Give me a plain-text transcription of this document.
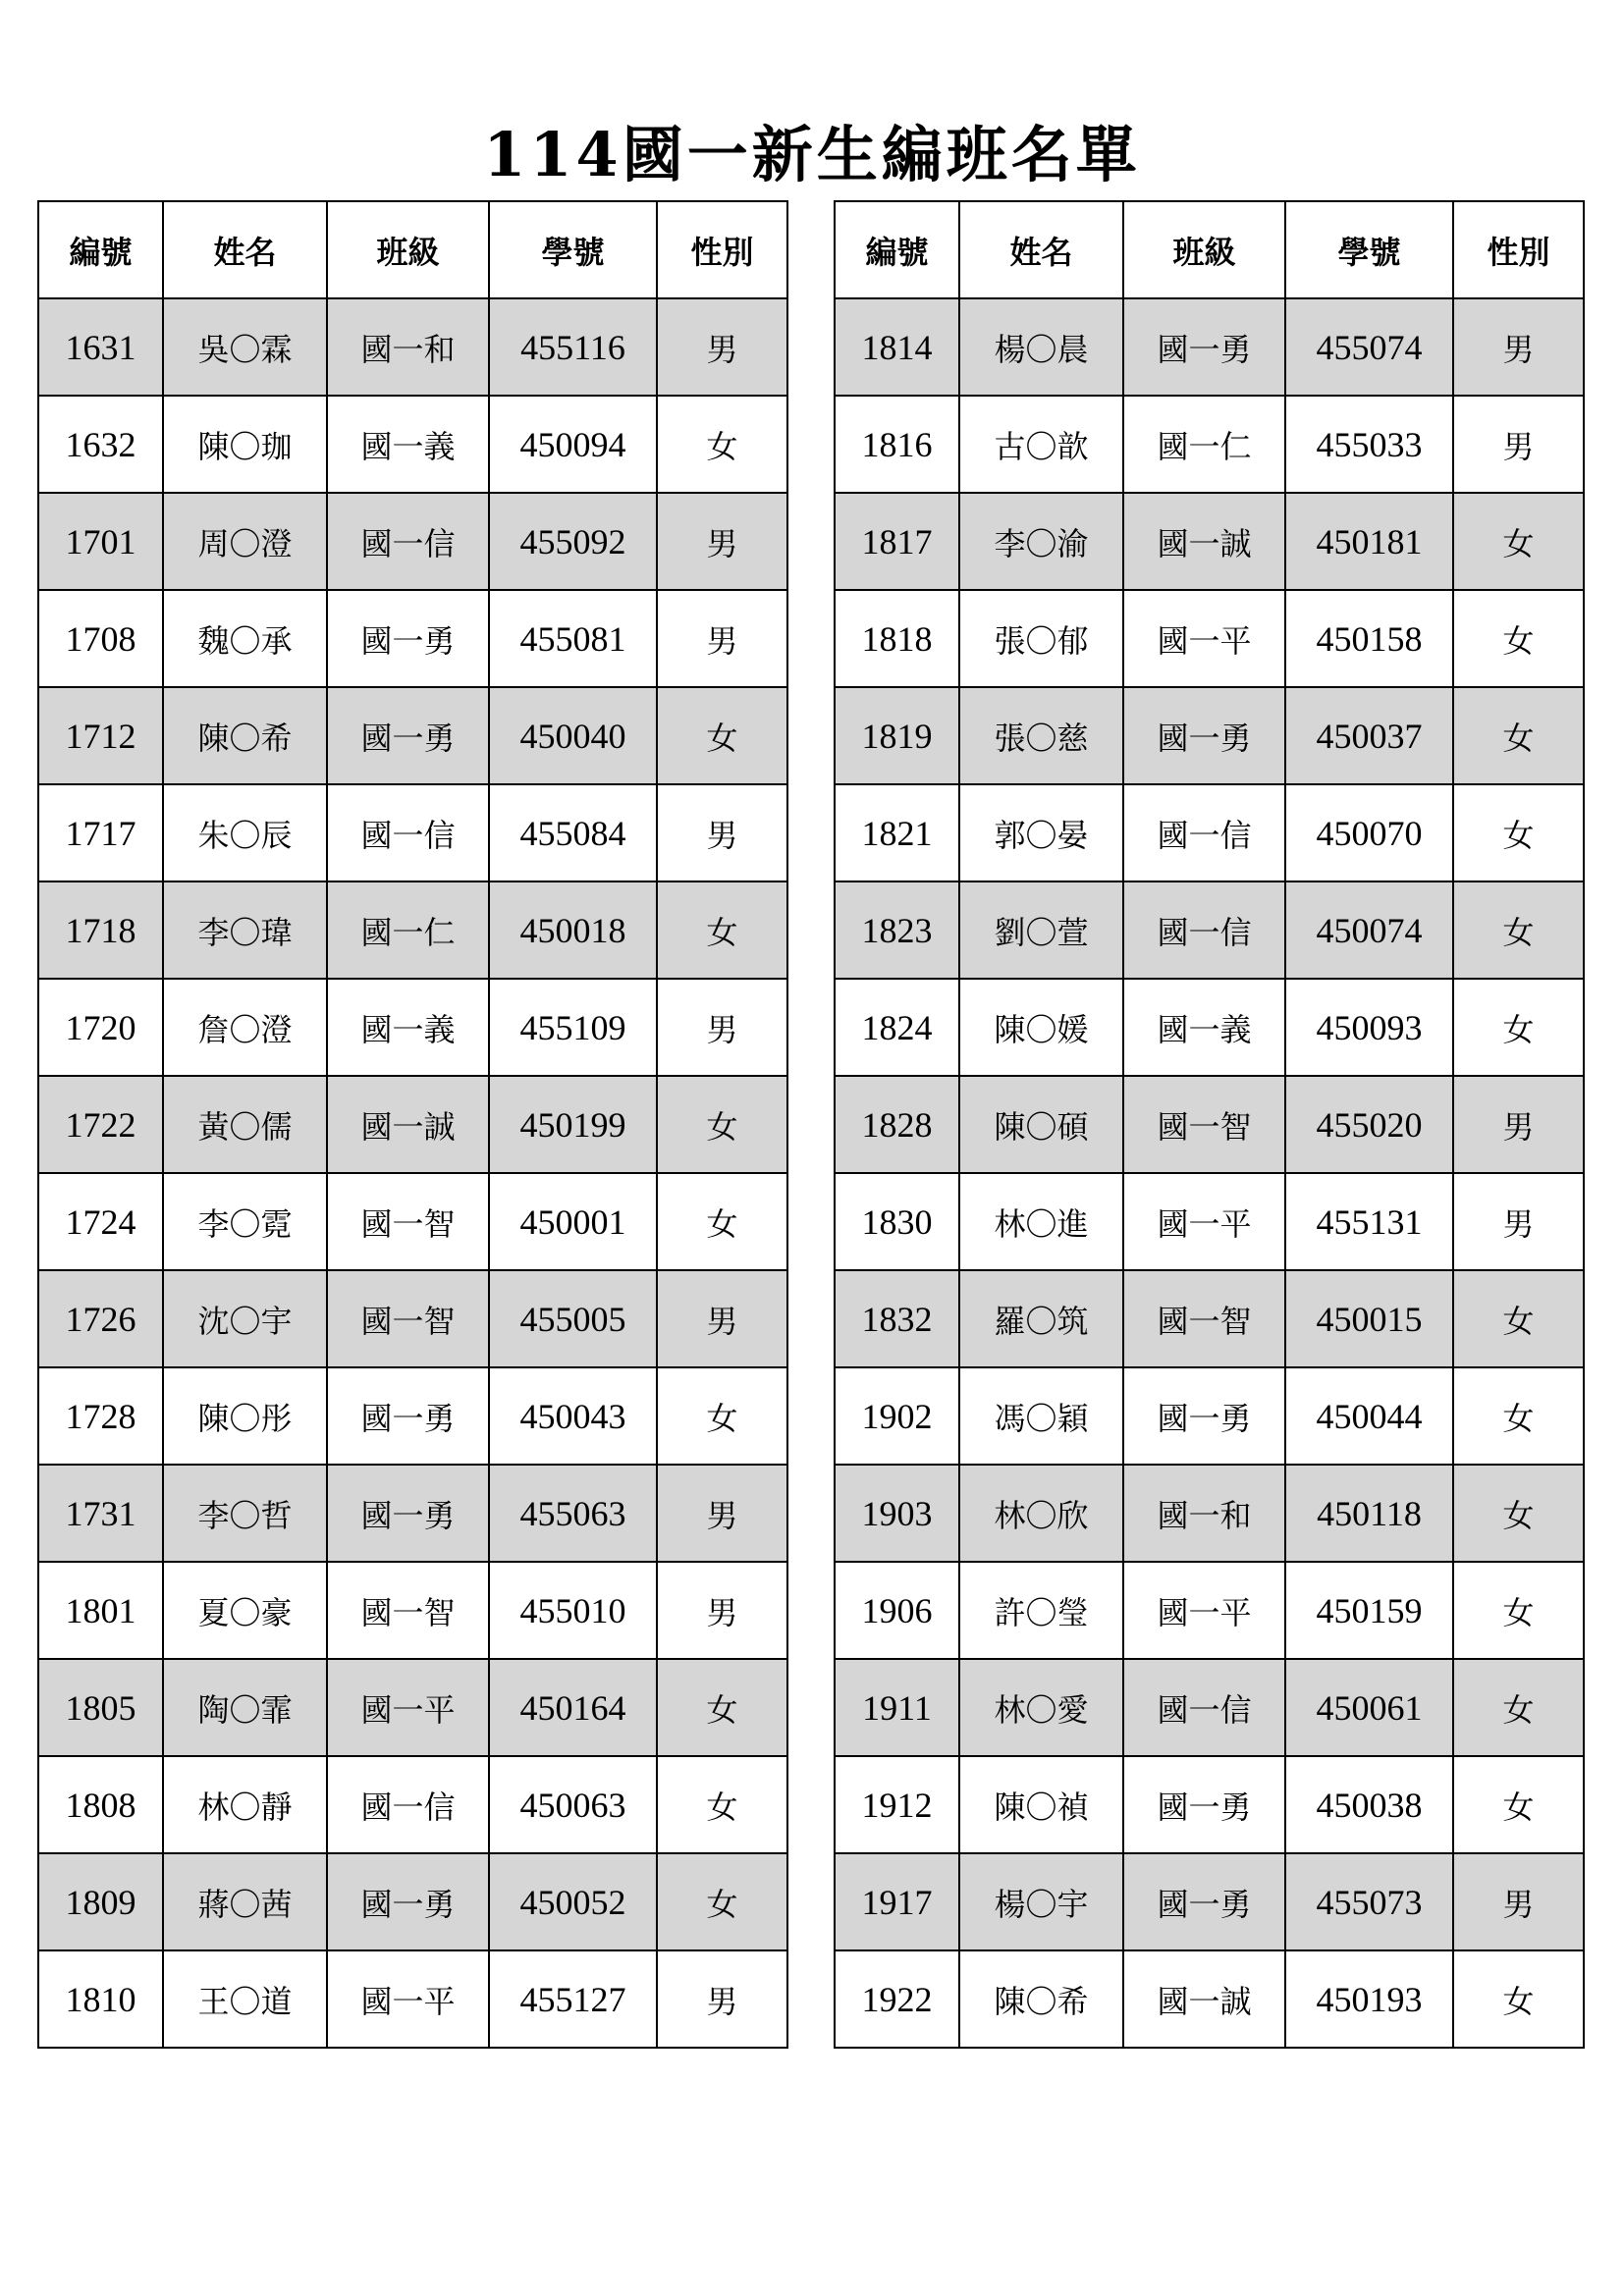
114國一新生編班名單
編號	姓名	班級	學號	性別
1631	吳〇霖	國一和	455116	男
1632	陳〇珈	國一義	450094	女
1701	周〇澄	國一信	455092	男
1708	魏〇承	國一勇	455081	男
1712	陳〇希	國一勇	450040	女
1717	朱〇辰	國一信	455084	男
1718	李〇瑋	國一仁	450018	女
1720	詹〇澄	國一義	455109	男
1722	黃〇儒	國一誠	450199	女
1724	李〇霓	國一智	450001	女
1726	沈〇宇	國一智	455005	男
1728	陳〇彤	國一勇	450043	女
1731	李〇哲	國一勇	455063	男
1801	夏〇豪	國一智	455010	男
1805	陶〇霏	國一平	450164	女
1808	林〇靜	國一信	450063	女
1809	蔣〇茜	國一勇	450052	女
1810	王〇道	國一平	455127	男
編號	姓名	班級	學號	性別
1814	楊〇晨	國一勇	455074	男
1816	古〇歆	國一仁	455033	男
1817	李〇渝	國一誠	450181	女
1818	張〇郁	國一平	450158	女
1819	張〇慈	國一勇	450037	女
1821	郭〇晏	國一信	450070	女
1823	劉〇萱	國一信	450074	女
1824	陳〇媛	國一義	450093	女
1828	陳〇碩	國一智	455020	男
1830	林〇進	國一平	455131	男
1832	羅〇筑	國一智	450015	女
1902	馮〇穎	國一勇	450044	女
1903	林〇欣	國一和	450118	女
1906	許〇瑩	國一平	450159	女
1911	林〇愛	國一信	450061	女
1912	陳〇禎	國一勇	450038	女
1917	楊〇宇	國一勇	455073	男
1922	陳〇希	國一誠	450193	女
